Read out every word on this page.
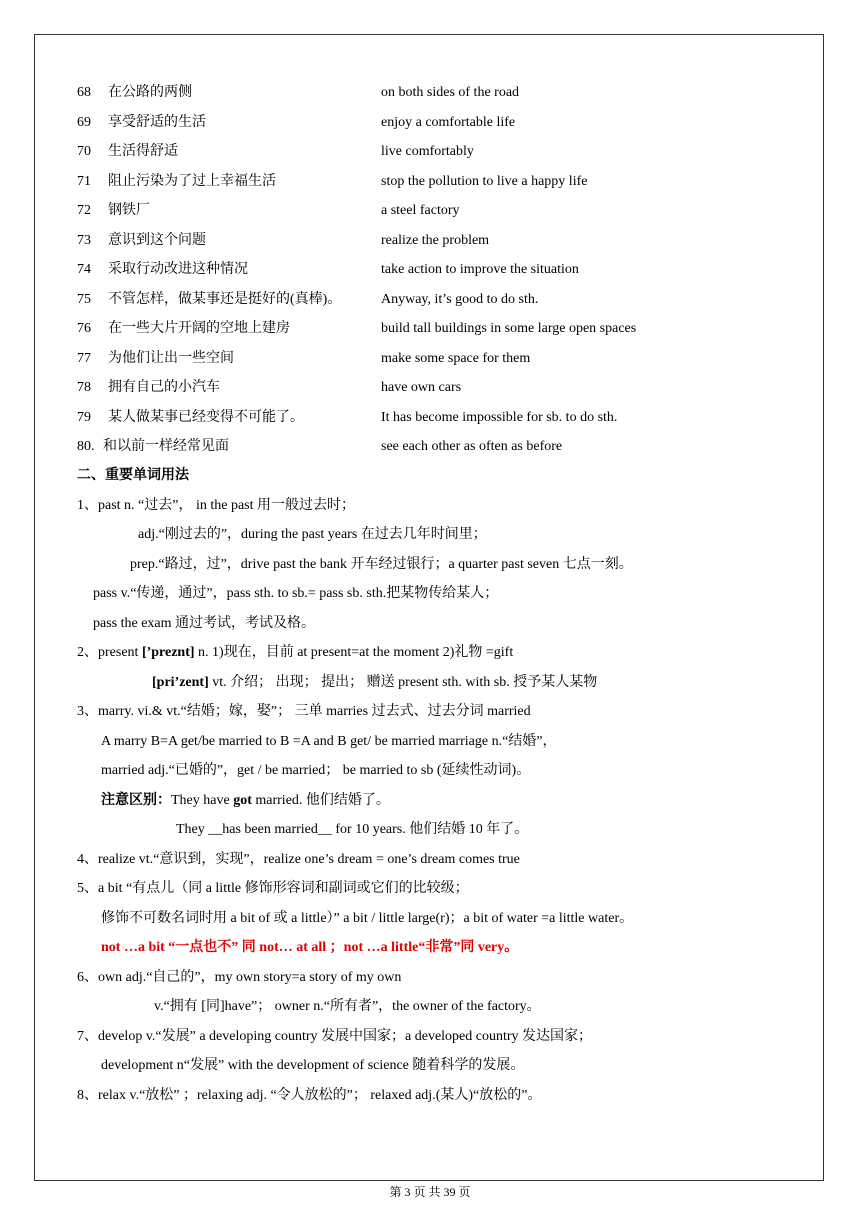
68 在公路的两侧	on both sides of the road
69 享受舒适的生活	enjoy a comfortable life
70 生活得舒适	live comfortably
71 阻止污染为了过上幸福生活	stop the pollution to live a happy life
72 钢铁厂	a steel factory
73 意识到这个问题	realize the problem
74 采取行动改进这种情况	take action to improve the situation
75 不管怎样，做某事还是挺好的(真棒)。	Anyway, it’s good to do sth.
76 在一些大片开阔的空地上建房	build tall buildings in some large open spaces
77 为他们让出一些空间	make some space for them
78 拥有自己的小汽车	have own cars
79 某人做某事已经变得不可能了。	It has become impossible for sb. to do sth.
80. 和以前一样经常见面	see each other as often as before
二、重要单词用法
1、past n. “过去”， in the past 用一般过去时；
adj.“刚过去的”，during the past years 在过去几年时间里；
prep.“路过，过”，drive past the bank 开车经过银行；a quarter past seven 七点一刻。
pass v.“传递，通过”，pass sth. to sb.= pass sb. sth.把某物传给某人；
pass the exam 通过考试，考试及格。
2、present [’preznt] n. 1)现在，目前 at present=at the moment 2)礼物 =gift
[pri’zent] vt. 介绍； 出现； 提出； 赠送 present sth. with sb. 授予某人某物
3、marry. vi.& vt.“结婚；嫁，娶”； 三单 marries 过去式、过去分词 married
A marry B=A get/be married to B =A and B get/ be married marriage n.“结婚”，
married adj.“已婚的”，get / be married； be married to sb (延续性动词)。
注意区别：They have got married. 他们结婚了。
They __has been married__ for 10 years. 他们结婚 10 年了。
4、realize vt.“意识到，实现”，realize one’s dream = one’s dream comes true
5、a bit “有点儿（同 a little 修饰形容词和副词或它们的比较级；
修饰不可数名词时用 a bit of 或 a little）” a bit / little large(r)；a bit of water =a little water。
not …a bit “一点也不” 同 not… at all ；not …a little“非常”同 very。
6、own adj.“自己的”，my own story=a story of my own
v.“拥有 [同]have”； owner n.“所有者”，the owner of the factory。
7、develop v.“发展” a developing country 发展中国家；a developed country 发达国家；
development n“发展” with the development of science 随着科学的发展。
8、relax v.“放松” ；relaxing adj. “令人放松的”； relaxed adj.(某人)“放松的”。
第 3 页 共 39 页
